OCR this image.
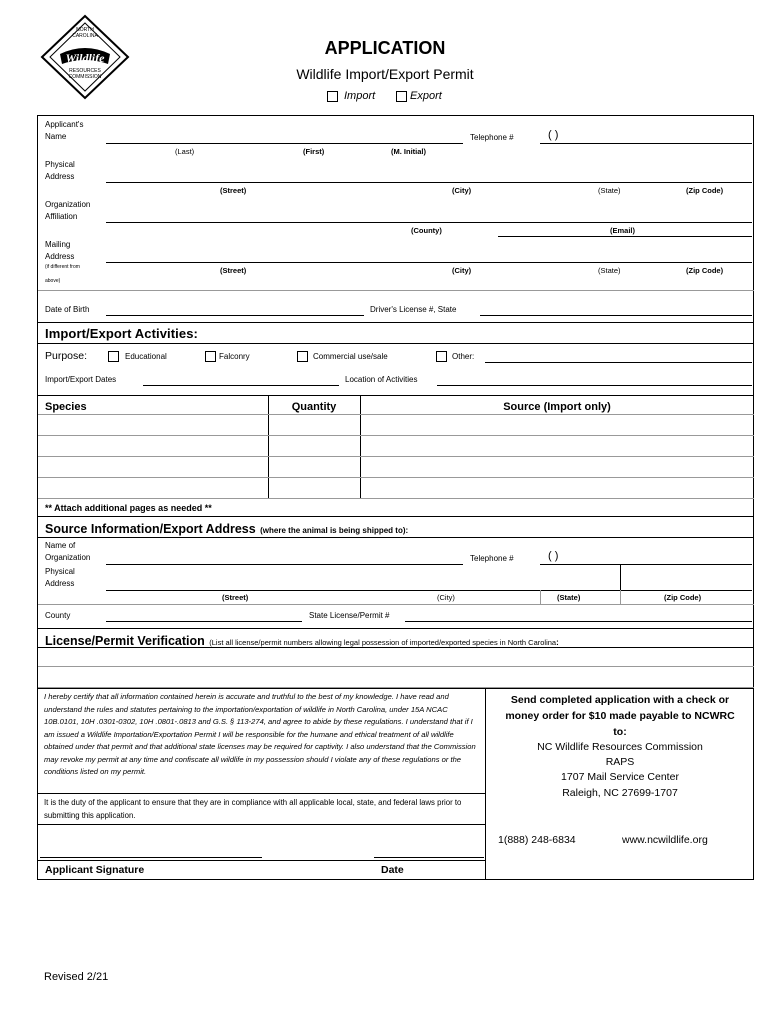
NORTH
CAROLINA
Wildlife
RESOURCES
COMMISSION
APPLICATION
Wildlife Import/Export Permit
Import	Export
Applicant's
Name
(Last)	(First)	(M. Initial)
Telephone #	( )
Physical
Address
(Street)	(City)	(State)	(Zip Code)
Organization
Affiliation
(County)	(Email)
Mailing
Address
(if different from
above)
(Street)	(City)	(State)	(Zip Code)
Date of Birth	Driver's License #, State
Import/Export Activities:
Purpose:	Educational	Falconry	Commercial use/sale	Other:
Import/Export Dates	Location of Activities
Species	Quantity	Source (Import only)
** Attach additional pages as needed **
Source Information/Export Address (where the animal is being shipped to):
Name of
Organization	Telephone #	( )
Physical
Address
(Street)	(City)	(State)	(Zip Code)
County	State License/Permit #
License/Permit Verification (List all license/permit numbers allowing legal possession of imported/exported species in North Carolina:
I hereby certify that all information contained herein is accurate and truthful to the best of my knowledge. I have read and understand the rules and statutes pertaining to the importation/exportation of wildlife in North Carolina, under 15A NCAC 10B.0101, 10H .0301-0302, 10H .0801-.0813 and G.S. § 113-274, and agree to abide by these regulations. I understand that if I am issued a Wildlife Importation/Exportation Permit I will be responsible for the humane and ethical treatment of all wildlife obtained under that permit and that additional state licenses may be required for captivity. I also understand that the Commission may revoke my permit at any time and confiscate all wildlife in my possession should I violate any of these regulations or the conditions listed on my permit.
It is the duty of the applicant to ensure that they are in compliance with all applicable local, state, and federal laws prior to submitting this application.
Applicant Signature	Date
Send completed application with a check or
money order for $10 made payable to NCWRC
to:
NC Wildlife Resources Commission
RAPS
1707 Mail Service Center
Raleigh, NC 27699-1707
1(888) 248-6834	www.ncwildlife.org
Revised 2/21
